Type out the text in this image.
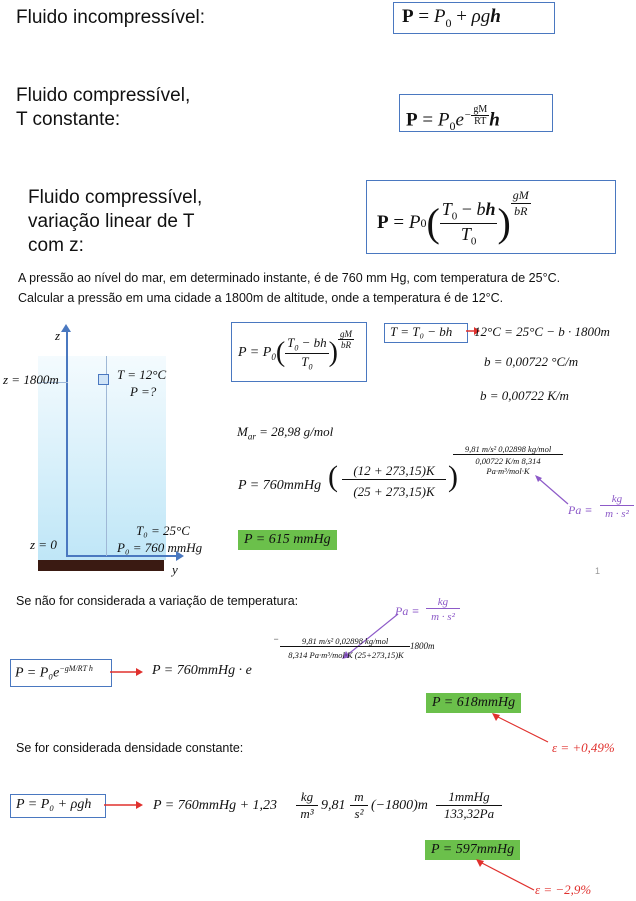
Fluido incompressível:	$P = P_0 + \rho gh$
Fluido compressível,
T constante:	$P = P_0e^{- \frac{gM}{RT}}$ h
Fluido compressível,
variação linear de T
com z:
P = P 0 ( $\frac{T_0 - bh}{T_0}$ ) $\frac{gM}{bR}$
A pressão ao nível do mar, em determinado instante, é de 760 mm Hg, com temperatura de 25°C.
Calcular a pressão em uma cidade a 1800m de altitude, onde a temperatura é de 12°C.
z
y
z = 1800m
z = 0
T = 12°C
P =?
T₀ = 25°C
P₀ = 760 mmHg
$P = P_0$ ( $\frac{T_0 - bh}{T_0}$ ) $\frac{gM}{bR}$	T = T₀ − bh 12°C = 25°C − b · 1800m
b = 0,00722 °C/m
b = 0,00722 K/m
$M_{ar} = 28,98$ g/mol
P = 760mmHg (	(12 + 273,15)K
(25 + 273,15)K )
9,81 m/s² 0,02898 kg/mol
0,00722 K/m 8,314 Pa·m³/mol·K
Pa ≡
kg
m · s²
P = 615 mmHg
1
Se não for considerada a variação de temperatura:
Pa ≡
kg
m · s²
$P = P_0e^{-gM/RT h}$	P = 760mmHg · e
−	9,81 m/s² 0,02898 kg/mol
8,314 Pa·m³/mol·K (25+273,15)K
1800m
P = 618mmHg
ε = +0,49%
Se for considerada densidade constante:
P = P₀ + ρgh	P = 760mmHg + 1,23
kg
m³
9,81
m
s²
(−1800)m
1mmHg
133,32Pa
P = 597mmHg
ε = −2,9%
